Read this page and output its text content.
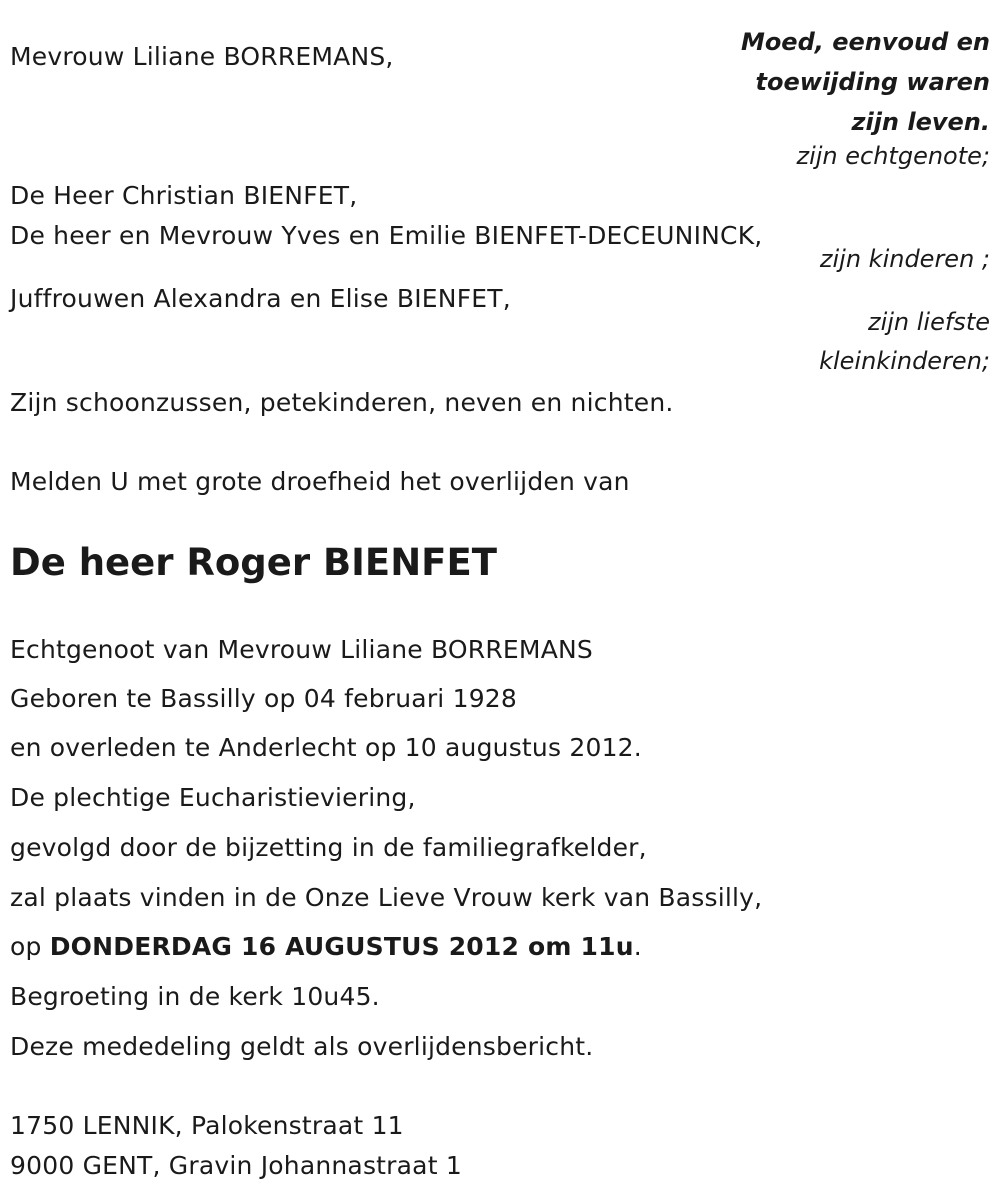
Moed, eenvoud en
toewijding waren
zijn leven.
Mevrouw Liliane BORREMANS,
zijn echtgenote;
De Heer Christian BIENFET,
De heer en Mevrouw Yves en Emilie BIENFET-DECEUNINCK,
zijn kinderen ;
Juffrouwen Alexandra en Elise BIENFET,
zijn liefste
kleinkinderen;
Zijn schoonzussen, petekinderen, neven en nichten.
Melden U met grote droefheid het overlijden van
De heer Roger BIENFET
Echtgenoot van Mevrouw Liliane BORREMANS
Geboren te Bassilly op 04 februari 1928
en overleden te Anderlecht op 10 augustus 2012.
De plechtige Eucharistieviering,
gevolgd door de bijzetting in de familiegrafkelder,
zal plaats vinden in de Onze Lieve Vrouw kerk van Bassilly,
op DONDERDAG 16 AUGUSTUS 2012 om 11u.
Begroeting in de kerk 10u45.
Deze mededeling geldt als overlijdensbericht.
1750 LENNIK, Palokenstraat 11
9000 GENT, Gravin Johannastraat 1
